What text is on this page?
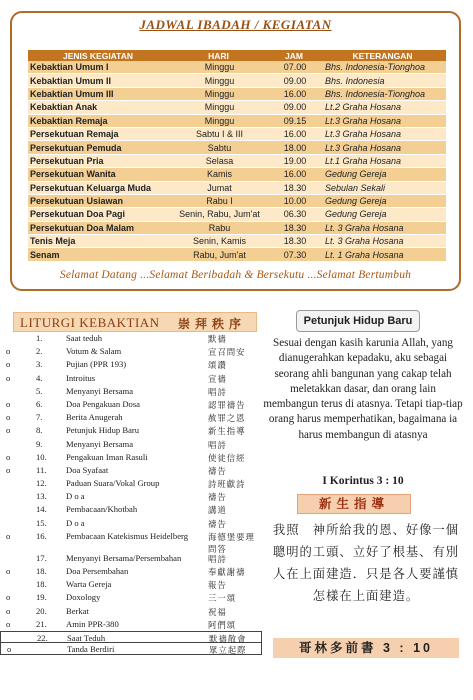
JADWAL IBADAH / KEGIATAN
JENIS KEGIATAN	HARI	JAM	KETERANGAN
Kebaktian Umum I	Minggu	07.00	Bhs. Indonesia-Tionghoa
Kebaktian Umum II	Minggu	09.00	Bhs. Indonesia
Kebaktian Umum III	Minggu	16.00	Bhs. Indonesia-Tionghoa
Kebaktian Anak	Minggu	09.00	Lt.2 Graha Hosana
Kebaktian Remaja	Minggu	09.15	Lt.3 Graha Hosana
Persekutuan Remaja	Sabtu I & III	16.00	Lt.3 Graha Hosana
Persekutuan Pemuda	Sabtu	18.00	Lt.3 Graha Hosana
Persekutuan Pria	Selasa	19.00	Lt.1 Graha Hosana
Persekutuan Wanita	Kamis	16.00	Gedung Gereja
Persekutuan Keluarga Muda	Jumat	18.30	Sebulan Sekali
Persekutuan Usiawan	Rabu I	10.00	Gedung Gereja
Persekutuan Doa Pagi	Senin, Rabu, Jum'at	06.30	Gedung Gereja
Persekutuan Doa Malam	Rabu	18.30	Lt. 3 Graha Hosana
Tenis Meja	Senin, Kamis	18.30	Lt. 3 Graha Hosana
Senam	Rabu, Jum'at	07.30	Lt. 1 Graha Hosana
Selamat Datang ...Selamat Beribadah & Bersekutu ...Selamat Bertumbuh
LITURGI KEBAKTIAN 崇拜秩序
1.	Saat teduh	默禱
o	2.	Votum & Salam	宣召問安
o	3.	Pujian (PPR 193)	頌讚
o	4.	Introitus	宣禱
5.	Menyanyi Bersama	唱詩
o	6.	Doa Pengakuan Dosa	認罪禱告
o	7.	Berita Anugerah	赦罪之恩
o	8.	Petunjuk Hidup Baru	新生指導
9.	Menyanyi Bersama	唱詩
o	10. Pengakuan Iman Rasuli	使徒信經
o	11. Doa Syafaat	禱告
12. Paduan Suara/Vokal Group	詩班獻詩
13. D o a	禱告
14. Pembacaan/Khotbah	講道
15. D o a	禱告
o	16. Pembacaan Katekismus Heidelberg 海德堡要理問答
17. Menyanyi Bersama/Persembahan	唱詩
o	18. Doa Persembahan	奉獻謝禱
18. Warta Gereja	報告
o	19. Doxology	三一頌
o	20. Berkat	祝福
o	21. Amin PPR-380	阿們頌
22. Saat Teduh	默禱散會
o	Tanda Berdiri	眾立起際
Petunjuk Hidup Baru
Sesuai dengan kasih karunia Allah, yang dianugerahkan kepadaku, aku sebagai seorang ahli bangunan yang cakap telah meletakkan dasar, dan orang lain membangun terus di atasnya. Tetapi tiap-tiap orang harus memperhatikan, bagaimana ia harus membangun di atasnya
I Korintus 3 : 10
新生指導
我照　神所給我的恩、好像一個聰明的工頭、立好了根基、有別人在上面建造．只是各人要謹慎怎樣在上面建造。
哥林多前書 3 : 10
